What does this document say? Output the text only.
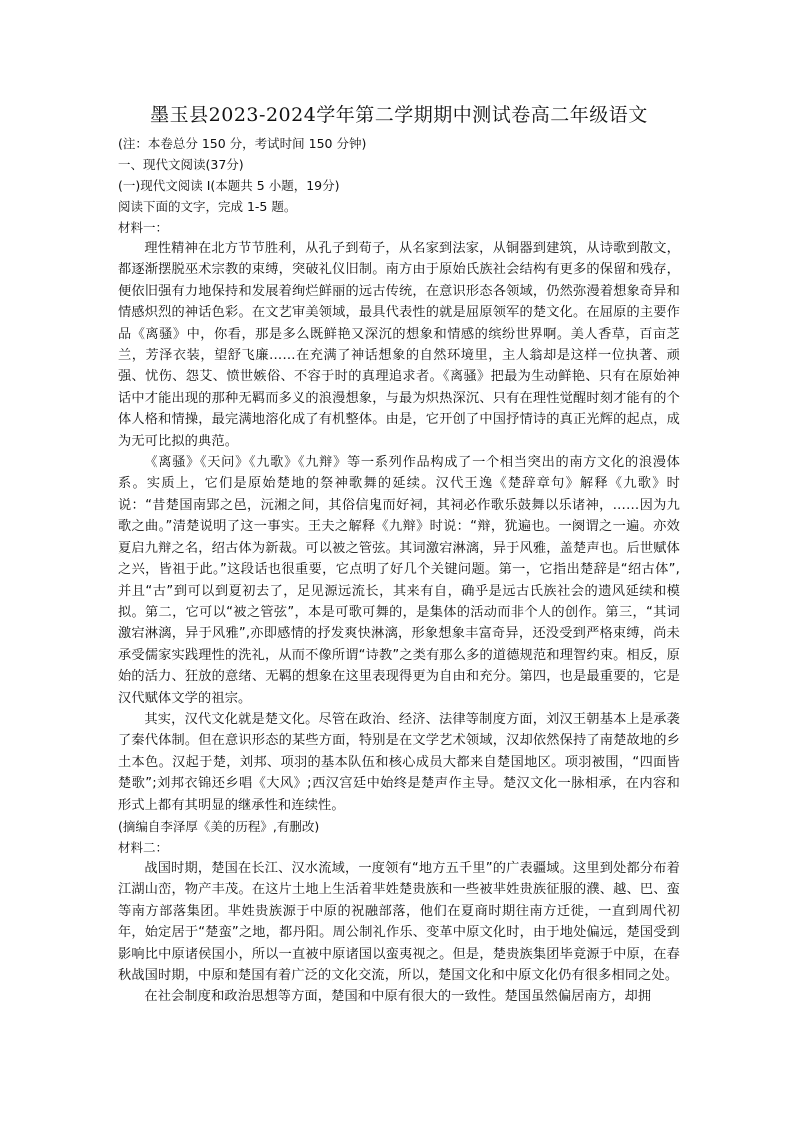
墨玉县2023-2024学年第二学期期中测试卷高二年级语文
(注：本卷总分 150 分，考试时间 150 分钟)
一、现代文阅读(37分)
(一)现代文阅读 I(本题共 5 小题，19分)
阅读下面的文字，完成 1-5 题。
材料一：

理性精神在北方节节胜利，从孔子到荀子，从名家到法家，从铜器到建筑，从诗歌到散文，都逐渐摆脱巫术宗教的束缚，突破礼仪旧制。南方由于原始氏族社会结构有更多的保留和残存，便依旧强有力地保持和发展着绚烂鲜丽的远古传统，在意识形态各领域，仍然弥漫着想象奇异和情感炽烈的神话色彩。在文艺审美领域，最具代表性的就是屈原领军的楚文化。在屈原的主要作品《离骚》中，你看，那是多么既鲜艳又深沉的想象和情感的缤纷世界啊。美人香草，百亩芝兰，芳泽衣装，望舒飞廉……在充满了神话想象的自然环境里，主人翁却是这样一位执著、顽强、忧伤、怨艾、愤世嫉俗、不容于时的真理追求者。《离骚》把最为生动鲜艳、只有在原始神话中才能出现的那种无羁而多义的浪漫想象，与最为炽热深沉、只有在理性觉醒时刻才能有的个体人格和情操，最完满地溶化成了有机整体。由是，它开创了中国抒情诗的真正光辉的起点，成为无可比拟的典范。

《离骚》《天问》《九歌》《九辩》等一系列作品构成了一个相当突出的南方文化的浪漫体系。实质上，它们是原始楚地的祭神歌舞的延续。汉代王逸《楚辞章句》解释《九歌》时说：“昔楚国南郢之邑，沅湘之间，其俗信鬼而好祠，其祠必作歌乐鼓舞以乐诸神，……因为九歌之曲。”清楚说明了这一事实。王夫之解释《九辩》时说：“辩，犹遍也。一阕谓之一遍。亦效夏启九辩之名，绍古体为新裁。可以被之管弦。其词激宕淋漓，异于风雅，盖楚声也。后世赋体之兴，皆祖于此。”这段话也很重要，它点明了好几个关键问题。第一，它指出楚辞是“绍古体”,并且“古”到可以到夏初去了，足见源远流长，其来有自，确乎是远古氏族社会的遗风延续和模拟。第二，它可以“被之管弦”，本是可歌可舞的，是集体的活动而非个人的创作。第三，“其词激宕淋漓，异于风雅”,亦即感情的抒发爽快淋漓，形象想象丰富奇异，还没受到严格束缚，尚未承受儒家实践理性的洗礼，从而不像所谓“诗教”之类有那么多的道德规范和理智约束。相反，原始的活力、狂放的意绪、无羁的想象在这里表现得更为自由和充分。第四，也是最重要的，它是汉代赋体文学的祖宗。

其实，汉代文化就是楚文化。尽管在政治、经济、法律等制度方面，刘汉王朝基本上是承袭了秦代体制。但在意识形态的某些方面，特别是在文学艺术领域，汉却依然保持了南楚故地的乡土本色。汉起于楚，刘邦、项羽的基本队伍和核心成员大都来自楚国地区。项羽被围，“四面皆楚歌”;刘邦衣锦还乡唱《大风》;西汉宫廷中始终是楚声作主导。楚汉文化一脉相承，在内容和形式上都有其明显的继承性和连续性。

(摘编自李泽厚《美的历程》,有删改)
材料二：

战国时期，楚国在长江、汉水流域，一度领有“地方五千里”的广表疆域。这里到处都分布着江湖山峦，物产丰茂。在这片土地上生活着芈姓楚贵族和一些被芈姓贵族征服的濮、越、巴、蛮等南方部落集团。芈姓贵族源于中原的祝融部落，他们在夏商时期往南方迁徙，一直到周代初年，始定居于“楚蛮”之地，都丹阳。周公制礼作乐、变革中原文化时，由于地处偏远，楚国受到影响比中原诸侯国小，所以一直被中原诸国以蛮夷视之。但是，楚贵族集团毕竟源于中原，在春秋战国时期，中原和楚国有着广泛的文化交流，所以，楚国文化和中原文化仍有很多相同之处。

在社会制度和政治思想等方面，楚国和中原有很大的一致性。楚国虽然偏居南方，却拥
